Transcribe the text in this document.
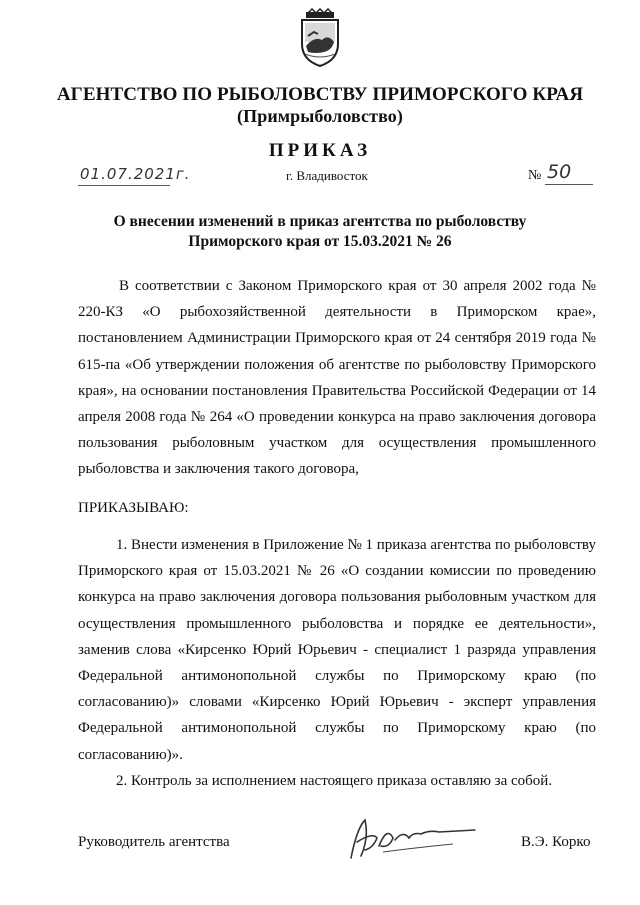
АГЕНТСТВО ПО РЫБОЛОВСТВУ ПРИМОРСКОГО КРАЯ
(Примрыболовство)
ПРИКАЗ
01.07.2021г.	г. Владивосток	№ 50
О внесении изменений в приказ агентства по рыболовству
Приморского края от 15.03.2021 № 26
В соответствии с Законом Приморского края от 30 апреля 2002 года № 220-КЗ «О рыбохозяйственной деятельности в Приморском крае», постановлением Администрации Приморского края от 24 сентября 2019 года № 615-па «Об утверждении положения об агентстве по рыболовству Приморского края», на основании постановления Правительства Российской Федерации от 14 апреля 2008 года № 264 «О проведении конкурса на право заключения договора пользования рыболовным участком для осуществления промышленного рыболовства и заключения такого договора,
ПРИКАЗЫВАЮ:
1. Внести изменения в Приложение № 1 приказа агентства по рыболовству Приморского края от 15.03.2021 № 26 «О создании комиссии по проведению конкурса на право заключения договора пользования рыболовным участком для осуществления промышленного рыболовства и порядке ее деятельности», заменив слова «Кирсенко Юрий Юрьевич - специалист 1 разряда управления Федеральной антимонопольной службы по Приморскому краю (по согласованию)» словами «Кирсенко Юрий Юрьевич - эксперт управления Федеральной антимонопольной службы по Приморскому краю (по согласованию)».
2. Контроль за исполнением настоящего приказа оставляю за собой.
Руководитель агентства	В.Э. Корко
